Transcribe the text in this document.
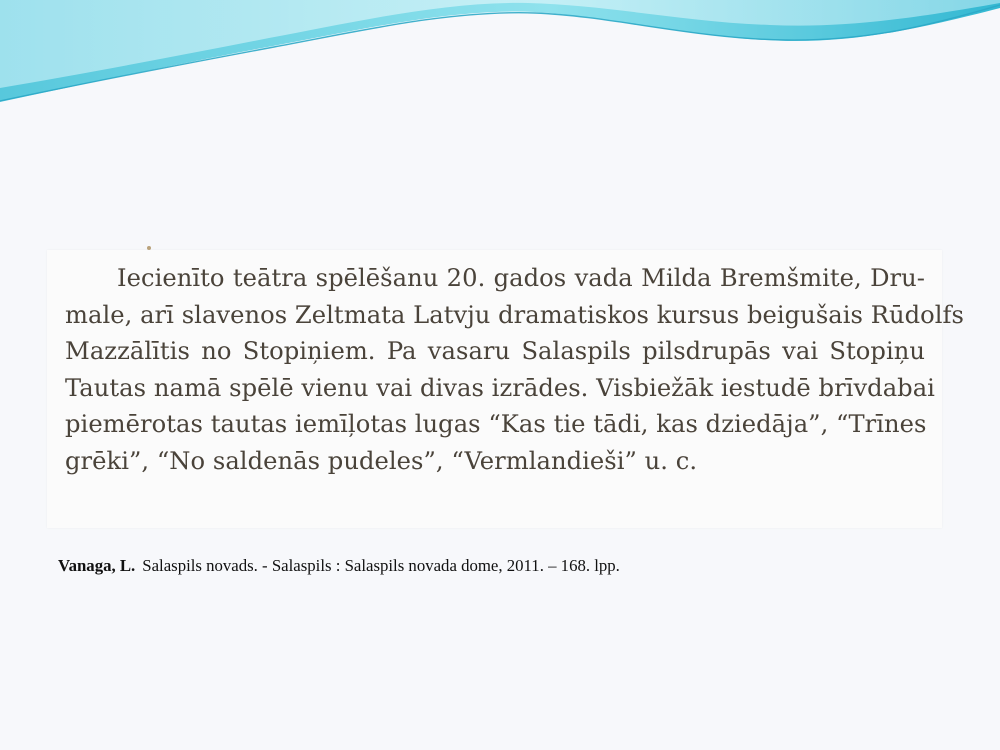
Iecienīto teātra spēlēšanu 20. gados vada Milda Bremšmite, Dru-
male, arī slavenos Zeltmata Latvju dramatiskos kursus beigušais Rūdolfs
Mazzālītis no Stopiņiem. Pa vasaru Salaspils pilsdrupās vai Stopiņu
Tautas namā spēlē vienu vai divas izrādes. Visbiežāk iestudē brīvdabai
piemērotas tautas iemīļotas lugas “Kas tie tādi, kas dziedāja”, “Trīnes
grēki”, “No saldenās pudeles”, “Vermlandieši” u. c.
Vanaga, L. Salaspils novads. - Salaspils : Salaspils novada dome, 2011. – 168. lpp.
